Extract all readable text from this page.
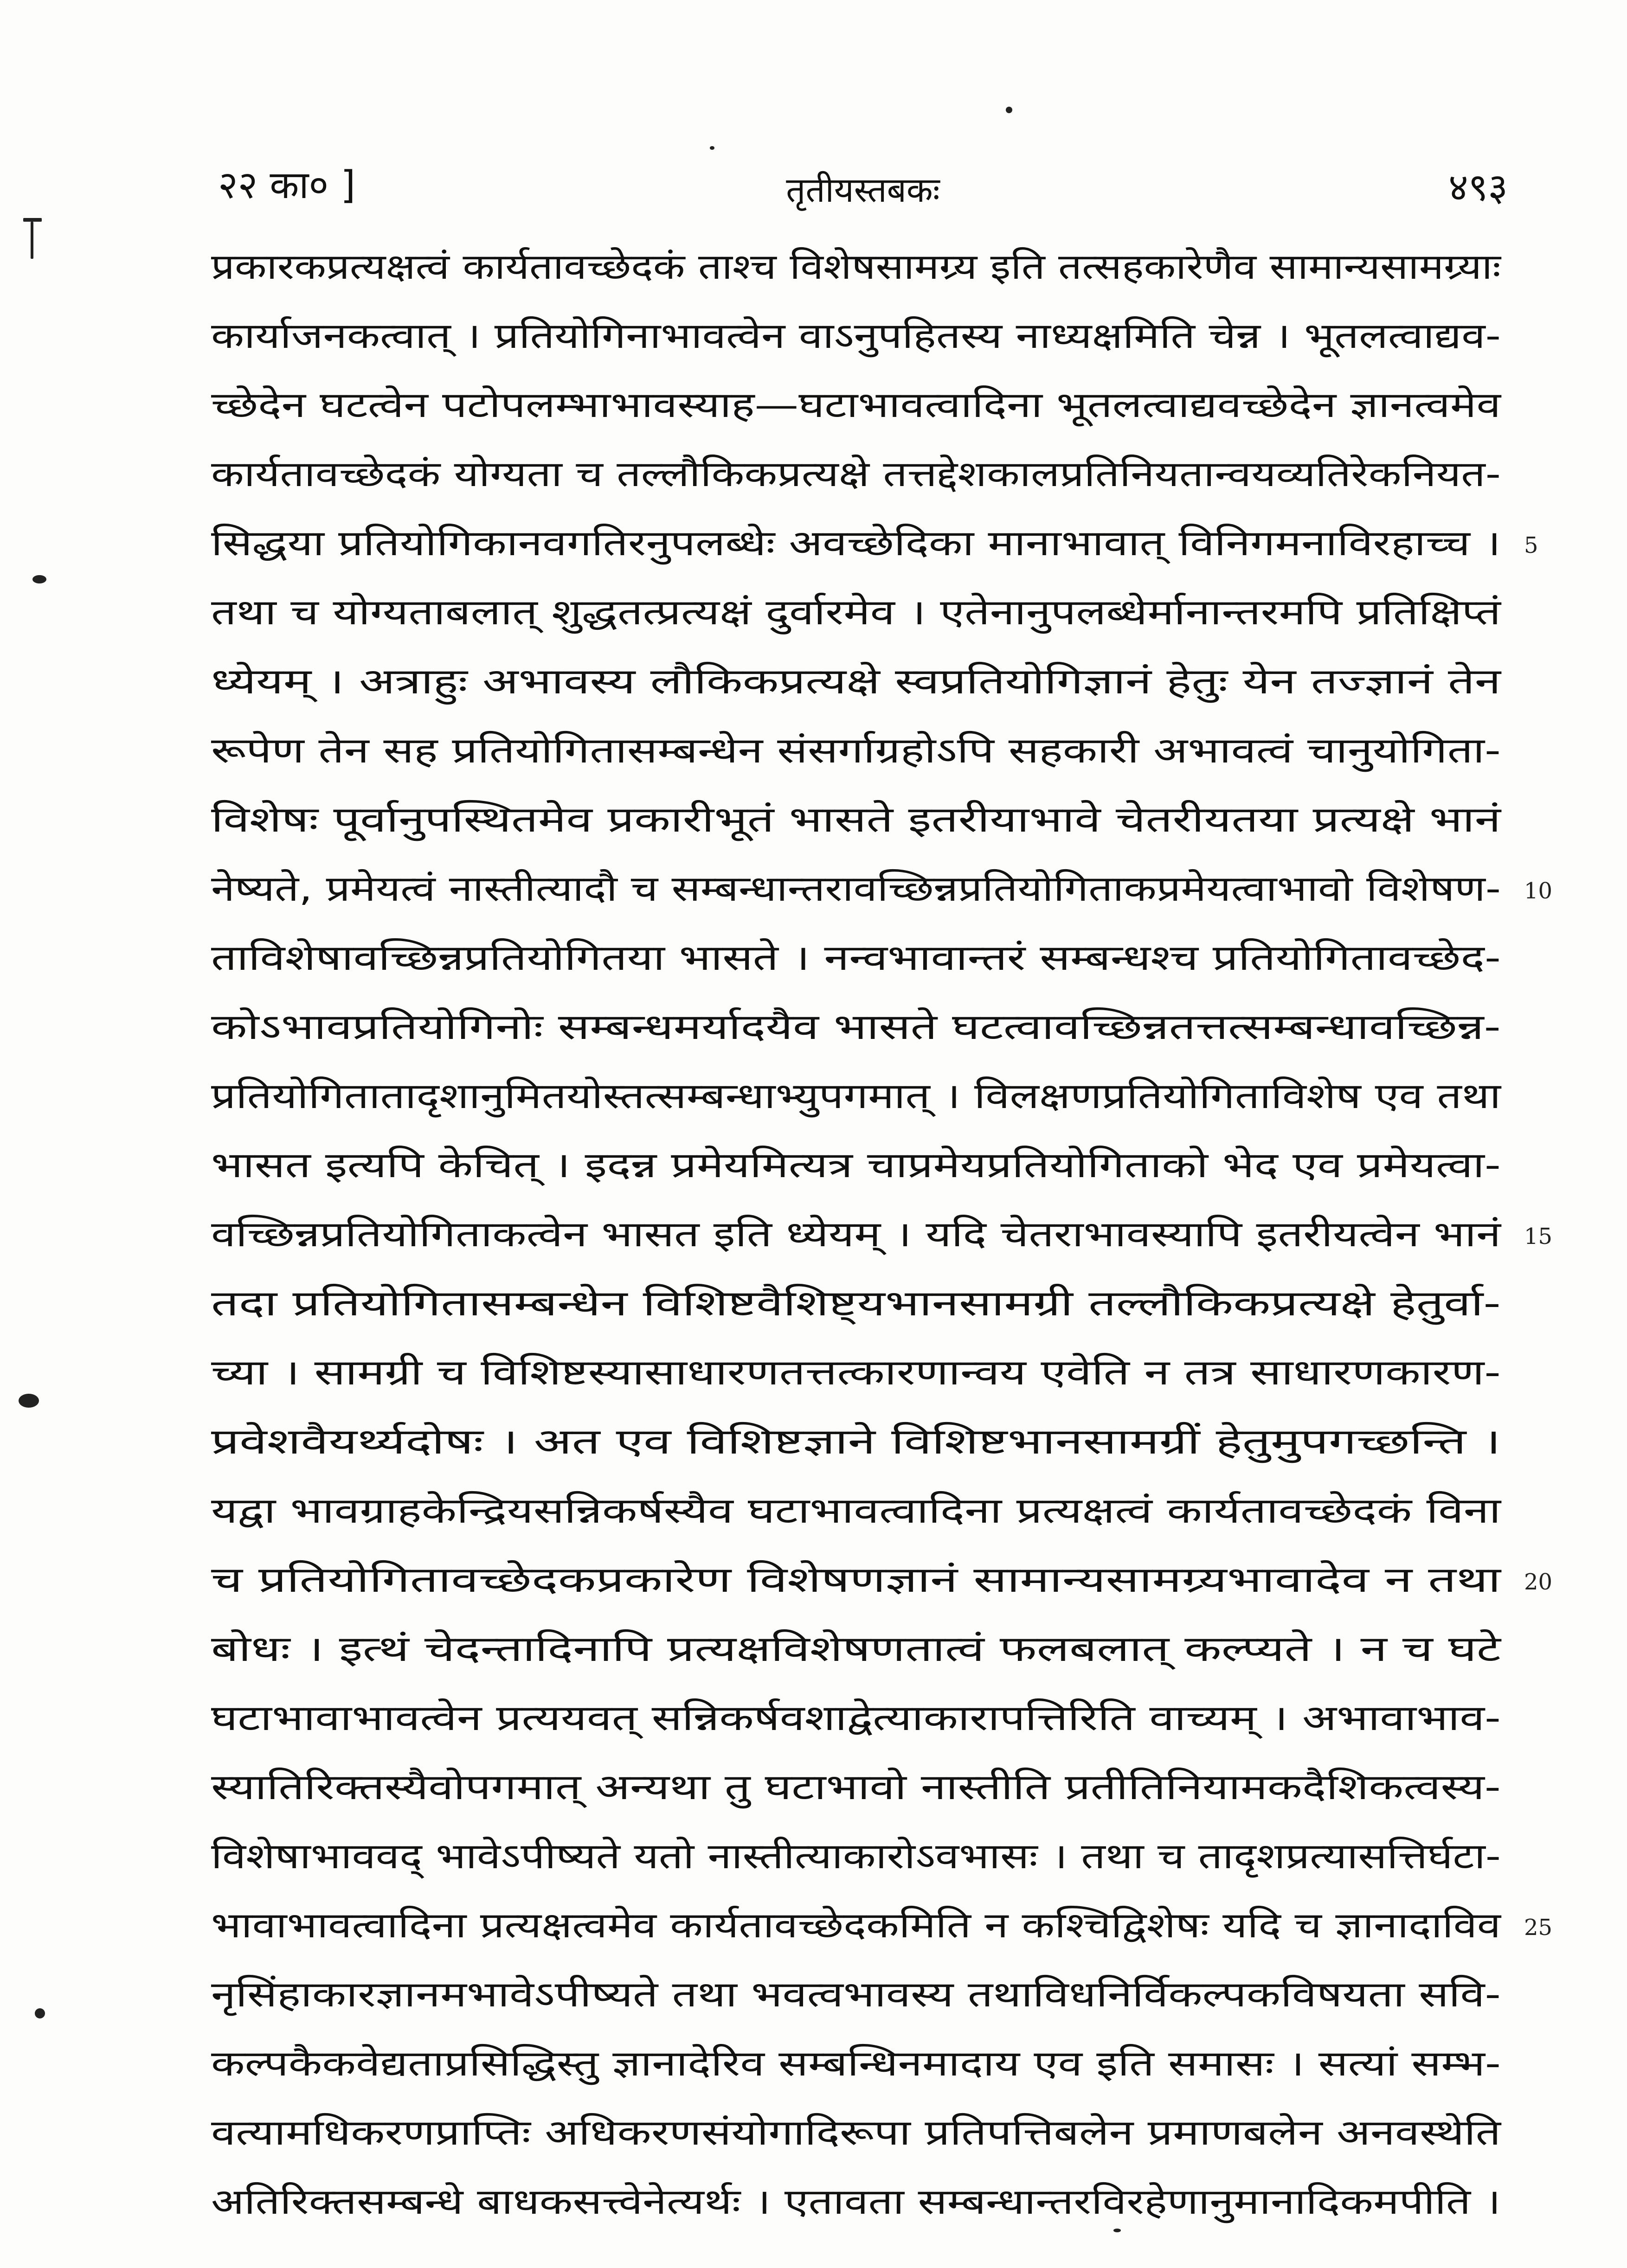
२२ का० ]	तृतीयस्तबकः	४९३
प्रकारकप्रत्यक्षत्वं कार्यतावच्छेदकं ताश्च विशेषसामग्र्य इति तत्सहकारेणैव सामान्यसामग्र्याः
कार्याजनकत्वात् । प्रतियोगिनाभावत्वेन वाऽनुपहितस्य नाध्यक्षमिति चेन्न । भूतलत्वाद्यव-
च्छेदेन घटत्वेन पटोपलम्भाभावस्याह—घटाभावत्वादिना भूतलत्वाद्यवच्छेदेन ज्ञानत्वमेव
कार्यतावच्छेदकं योग्यता च तल्लौकिकप्रत्यक्षे तत्तद्देशकालप्रतिनियतान्वयव्यतिरेकनियत-
सिद्धया प्रतियोगिकानवगतिरनुपलब्धेः अवच्छेदिका मानाभावात् विनिगमनाविरहाच्च । 5
तथा च योग्यताबलात् शुद्धतत्प्रत्यक्षं दुर्वारमेव । एतेनानुपलब्धेर्मानान्तरमपि प्रतिक्षिप्तं
ध्येयम् । अत्राहुः अभावस्य लौकिकप्रत्यक्षे स्वप्रतियोगिज्ञानं हेतुः येन तज्ज्ञानं तेन
रूपेण तेन सह प्रतियोगितासम्बन्धेन संसर्गाग्रहोऽपि सहकारी अभावत्वं चानुयोगिता-
विशेषः पूर्वानुपस्थितमेव प्रकारीभूतं भासते इतरीयाभावे चेतरीयतया प्रत्यक्षे भानं
नेष्यते, प्रमेयत्वं नास्तीत्यादौ च सम्बन्धान्तरावच्छिन्नप्रतियोगिताकप्रमेयत्वाभावो विशेषण- 10
ताविशेषावच्छिन्नप्रतियोगितया भासते । नन्वभावान्तरं सम्बन्धश्च प्रतियोगितावच्छेद-
कोऽभावप्रतियोगिनोः सम्बन्धमर्यादयैव भासते घटत्वावच्छिन्नतत्तत्सम्बन्धावच्छिन्न-
प्रतियोगितातादृशानुमितयोस्तत्सम्बन्धाभ्युपगमात् । विलक्षणप्रतियोगिताविशेष एव तथा
भासत इत्यपि केचित् । इदन्न प्रमेयमित्यत्र चाप्रमेयप्रतियोगिताको भेद एव प्रमेयत्वा-
वच्छिन्नप्रतियोगिताकत्वेन भासत इति ध्येयम् । यदि चेतराभावस्यापि इतरीयत्वेन भानं 15
तदा प्रतियोगितासम्बन्धेन विशिष्टवैशिष्ट्यभानसामग्री तल्लौकिकप्रत्यक्षे हेतुर्वा-
च्या । सामग्री च विशिष्टस्यासाधारणतत्तत्कारणान्वय एवेति न तत्र साधारणकारण-
प्रवेशवैयर्थ्यदोषः । अत एव विशिष्टज्ञाने विशिष्टभानसामग्रीं हेतुमुपगच्छन्ति ।
यद्वा भावग्राहकेन्द्रियसन्निकर्षस्यैव घटाभावत्वादिना प्रत्यक्षत्वं कार्यतावच्छेदकं विना
च प्रतियोगितावच्छेदकप्रकारेण विशेषणज्ञानं सामान्यसामग्र्यभावादेव न तथा 20
बोधः । इत्थं चेदन्तादिनापि प्रत्यक्षविशेषणतात्वं फलबलात् कल्प्यते । न च घटे
घटाभावाभावत्वेन प्रत्ययवत् सन्निकर्षवशाद्वेत्याकारापत्तिरिति वाच्यम् । अभावाभाव-
स्यातिरिक्तस्यैवोपगमात् अन्यथा तु घटाभावो नास्तीति प्रतीतिनियामकदैशिकत्वस्य-
विशेषाभाववद् भावेऽपीष्यते यतो नास्तीत्याकारोऽवभासः । तथा च तादृशप्रत्यासत्तिर्घटा-
भावाभावत्वादिना प्रत्यक्षत्वमेव कार्यतावच्छेदकमिति न कश्चिद्विशेषः यदि च ज्ञानादाविव 25
नृसिंहाकारज्ञानमभावेऽपीष्यते तथा भवत्वभावस्य तथाविधनिर्विकल्पकविषयता सवि-
कल्पकैकवेद्यताप्रसिद्धिस्तु ज्ञानादेरिव सम्बन्धिनमादाय एव इति समासः । सत्यां सम्भ-
वत्यामधिकरणप्राप्तिः अधिकरणसंयोगादिरूपा प्रतिपत्तिबलेन प्रमाणबलेन अनवस्थेति
अतिरिक्तसम्बन्धे बाधकसत्त्वेनेत्यर्थः । एतावता सम्बन्धान्तरविरहेणानुमानादिकमपीति ।
